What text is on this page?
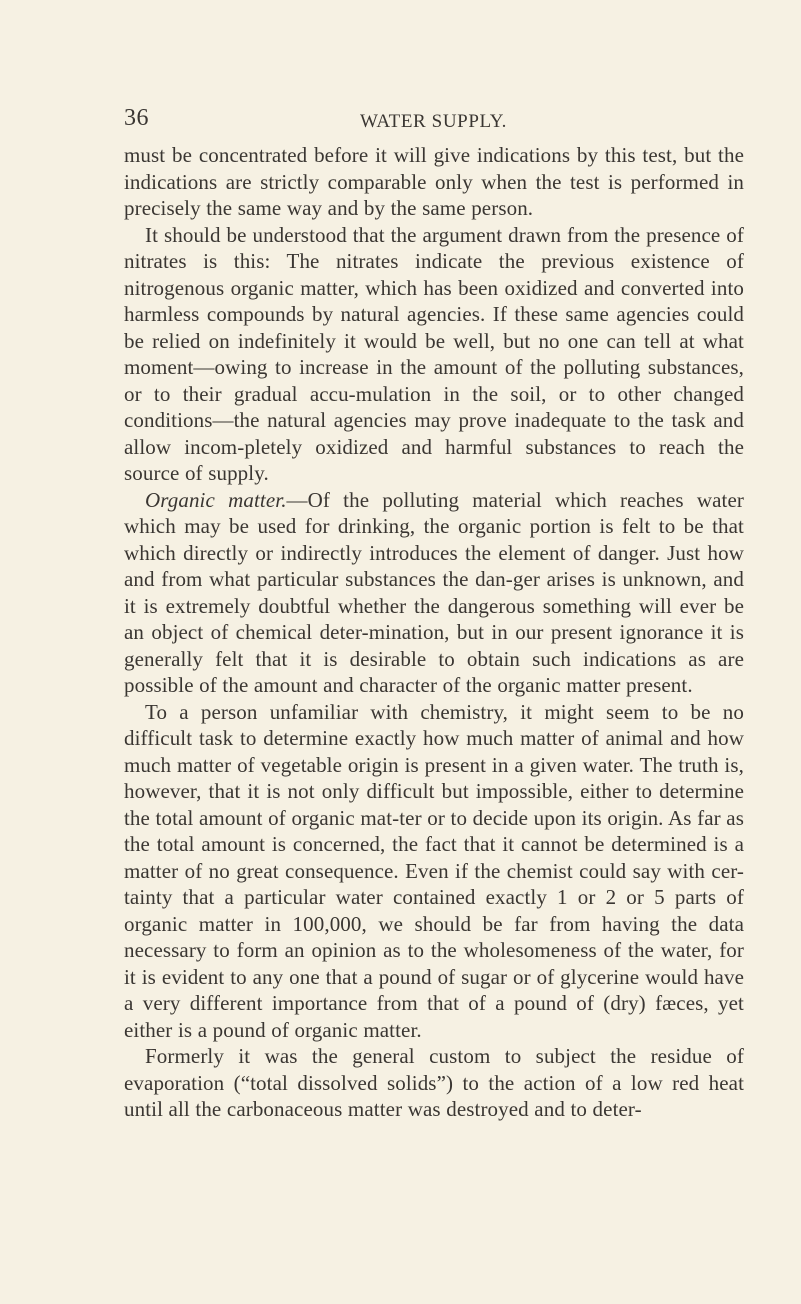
36	WATER SUPPLY.

must be concentrated before it will give indications by this test, but the indications are strictly comparable only when the test is performed in precisely the same way and by the same person.

It should be understood that the argument drawn from the presence of nitrates is this: The nitrates indicate the previous existence of nitrogenous organic matter, which has been oxidized and converted into harmless compounds by natural agencies. If these same agencies could be relied on indefinitely it would be well, but no one can tell at what moment—owing to increase in the amount of the polluting substances, or to their gradual accu-mulation in the soil, or to other changed conditions—the natural agencies may prove inadequate to the task and allow incom-pletely oxidized and harmful substances to reach the source of supply.

Organic matter.—Of the polluting material which reaches water which may be used for drinking, the organic portion is felt to be that which directly or indirectly introduces the element of danger. Just how and from what particular substances the dan-ger arises is unknown, and it is extremely doubtful whether the dangerous something will ever be an object of chemical deter-mination, but in our present ignorance it is generally felt that it is desirable to obtain such indications as are possible of the amount and character of the organic matter present.

To a person unfamiliar with chemistry, it might seem to be no difficult task to determine exactly how much matter of animal and how much matter of vegetable origin is present in a given water. The truth is, however, that it is not only difficult but impossible, either to determine the total amount of organic mat-ter or to decide upon its origin. As far as the total amount is concerned, the fact that it cannot be determined is a matter of no great consequence. Even if the chemist could say with cer-tainty that a particular water contained exactly 1 or 2 or 5 parts of organic matter in 100,000, we should be far from having the data necessary to form an opinion as to the wholesomeness of the water, for it is evident to any one that a pound of sugar or of glycerine would have a very different importance from that of a pound of (dry) fæces, yet either is a pound of organic matter.

Formerly it was the general custom to subject the residue of evaporation (“total dissolved solids”) to the action of a low red heat until all the carbonaceous matter was destroyed and to deter-
